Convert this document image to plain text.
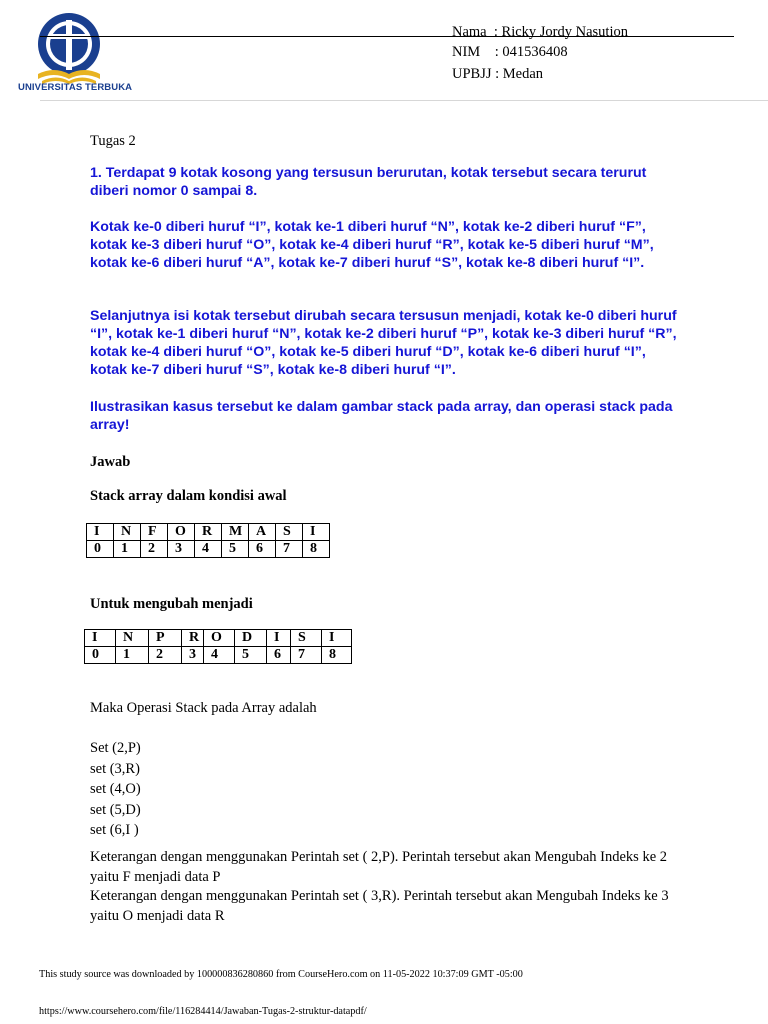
UNIVERSITAS TERBUKA
Nama  : Ricky Jordy Nasution
NIM    : 041536408
UPBJJ : Medan
Tugas 2
1. Terdapat 9 kotak kosong yang tersusun berurutan, kotak tersebut secara terurut diberi nomor 0 sampai 8.
Kotak ke-0 diberi huruf “I”, kotak ke-1 diberi huruf “N”, kotak ke-2 diberi huruf “F”, kotak ke-3 diberi huruf “O”, kotak ke-4 diberi huruf “R”, kotak ke-5 diberi huruf “M”, kotak ke-6 diberi huruf “A”, kotak ke-7 diberi huruf “S”, kotak ke-8 diberi huruf “I”.
Selanjutnya isi kotak tersebut dirubah secara tersusun menjadi, kotak ke-0 diberi huruf “I”, kotak ke-1 diberi huruf “N”, kotak ke-2 diberi huruf “P”, kotak ke-3 diberi huruf “R”, kotak ke-4 diberi huruf “O”, kotak ke-5 diberi huruf “D”, kotak ke-6 diberi huruf “I”, kotak ke-7 diberi huruf “S”, kotak ke-8 diberi huruf “I”.
Ilustrasikan kasus tersebut ke dalam gambar stack pada array, dan operasi stack pada array!
Jawab
Stack array dalam kondisi awal
I	N	F	O	R	M	A	S	I
0	1	2	3	4	5	6	7	8
Untuk mengubah menjadi
I	N	P	R	O	D	I	S	I
0	1	2	3	4	5	6	7	8
Maka Operasi Stack pada Array adalah
Set (2,P)
set (3,R)
set (4,O)
set (5,D)
set (6,I )
Keterangan dengan menggunakan Perintah set ( 2,P). Perintah tersebut akan Mengubah Indeks ke 2 yaitu F menjadi data P
Keterangan dengan menggunakan Perintah set ( 3,R). Perintah tersebut akan Mengubah Indeks ke 3 yaitu O menjadi data R
This study source was downloaded by 100000836280860 from CourseHero.com on 11-05-2022 10:37:09 GMT -05:00
https://www.coursehero.com/file/116284414/Jawaban-Tugas-2-struktur-datapdf/
